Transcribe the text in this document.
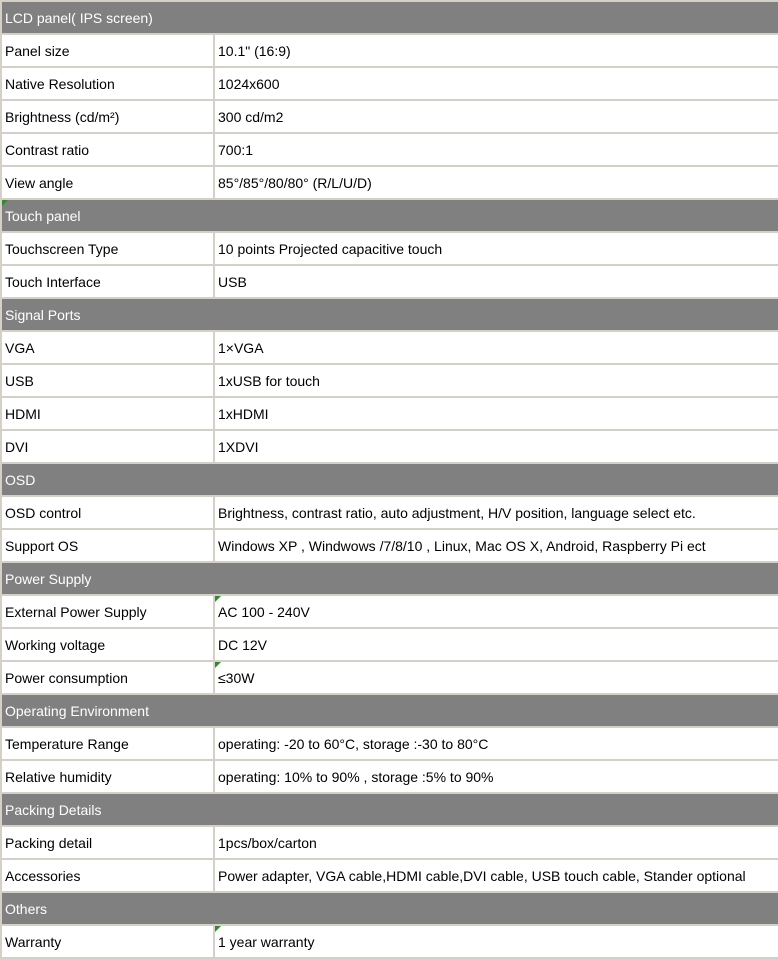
LCD panel( IPS screen)	
Panel size	10.1" (16:9)
Native Resolution	1024x600
Brightness (cd/m²)	300 cd/m2
Contrast ratio	700:1
View angle	85°/85°/80/80° (R/L/U/D)

Touch panel	
Touchscreen Type	10 points Projected capacitive touch
Touch Interface	USB
Signal Ports	
VGA	1×VGA
USB	1xUSB for touch
HDMI	1xHDMI
DVI	1XDVI
OSD	
OSD control	Brightness, contrast ratio, auto adjustment, H/V position, language select etc.
Support OS	Windows XP , Windwows /7/8/10 , Linux, Mac OS X, Android, Raspberry Pi ect
Power Supply	
External Power Supply	AC 100 - 240V
Working voltage	DC 12V
Power consumption	≤30W
Operating Environment	
Temperature Range	operating: -20 to 60°C, storage :-30 to 80°C
Relative humidity	operating: 10% to 90% , storage :5% to 90%
Packing Details	
Packing detail	1pcs/box/carton
Accessories	Power adapter, VGA cable,HDMI cable,DVI cable, USB touch cable, Stander optional
Others	
Warranty	1 year warranty
